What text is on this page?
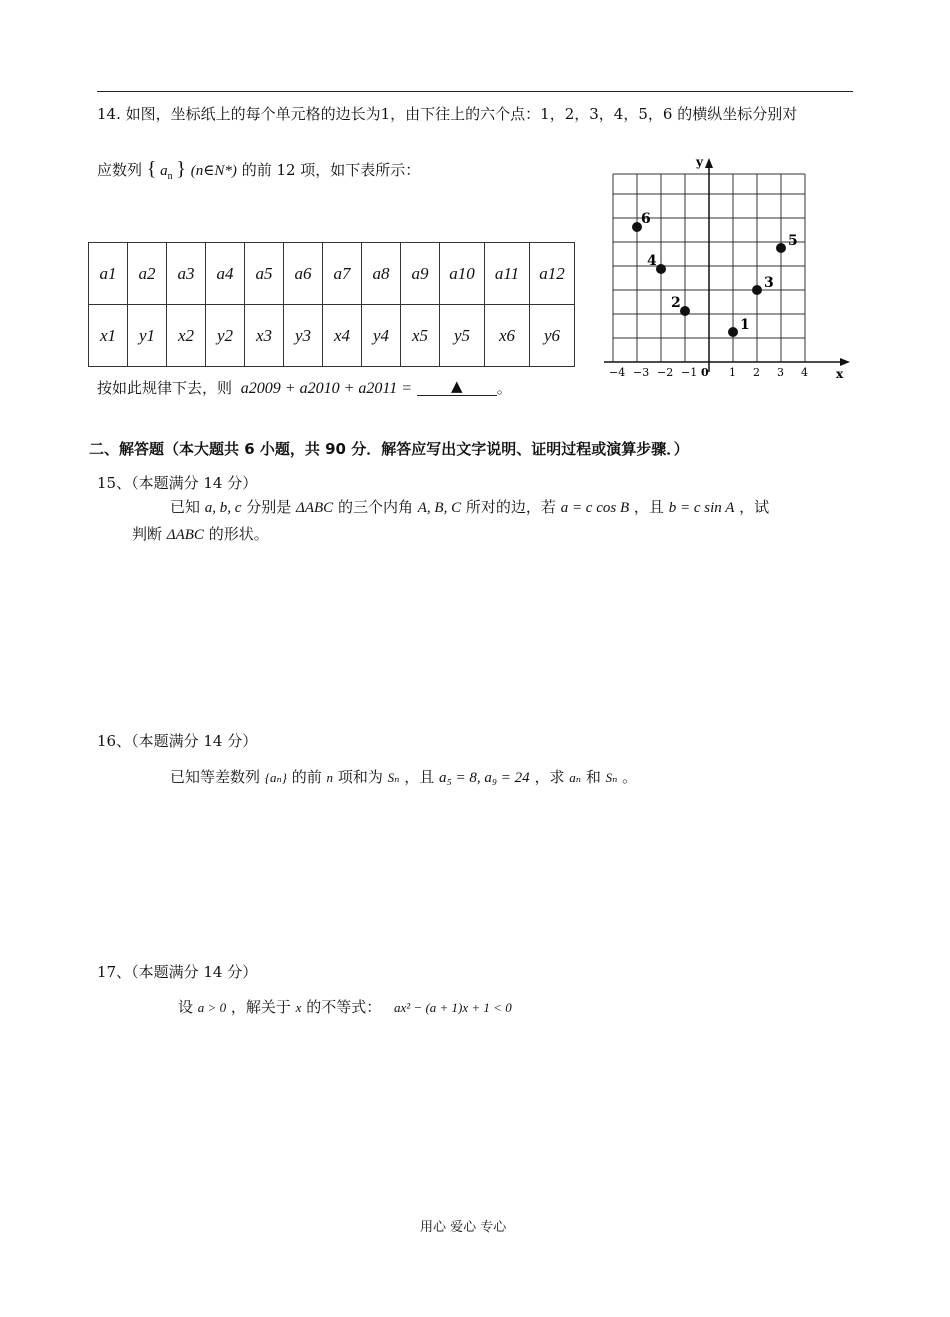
14. 如图，坐标纸上的每个单元格的边长为1，由下往上的六个点：1，2，3，4，5，6 的横纵坐标分别对
应数列 { $a_n$ } (n∈N*) 的前 12 项，如下表所示：
a1	a2	a3	a4	a5	a6	a7	a8	a9	a10	a11	a12
x1	y1	x2	y2	x3	y3	x4	y4	x5	y5	x6	y6
按如此规律下去，则 a2009 + a2010 + a2011 =	▲ 。
x
y
−4 −3 −2 −1 0 1 2 3 4
1
2
3
4
5
6
二、解答题（本大题共 6 小题，共 90 分．解答应写出文字说明、证明过程或演算步骤．）
15、（本题满分 14 分）
已知 a, b, c 分别是 ΔABC 的三个内角 A, B, C 所对的边，若 a = c cos B ，且 b = c sin A ，试
判断 ΔABC 的形状。
16、（本题满分 14 分）
已知等差数列 {aₙ} 的前 n 项和为 Sₙ ，且 a₅ = 8, a₉ = 24 ，求 aₙ 和 Sₙ 。
17、（本题满分 14 分）
设 a > 0 ，解关于 x 的不等式： ax² − (a + 1)x + 1 < 0
用心 爱心 专心
